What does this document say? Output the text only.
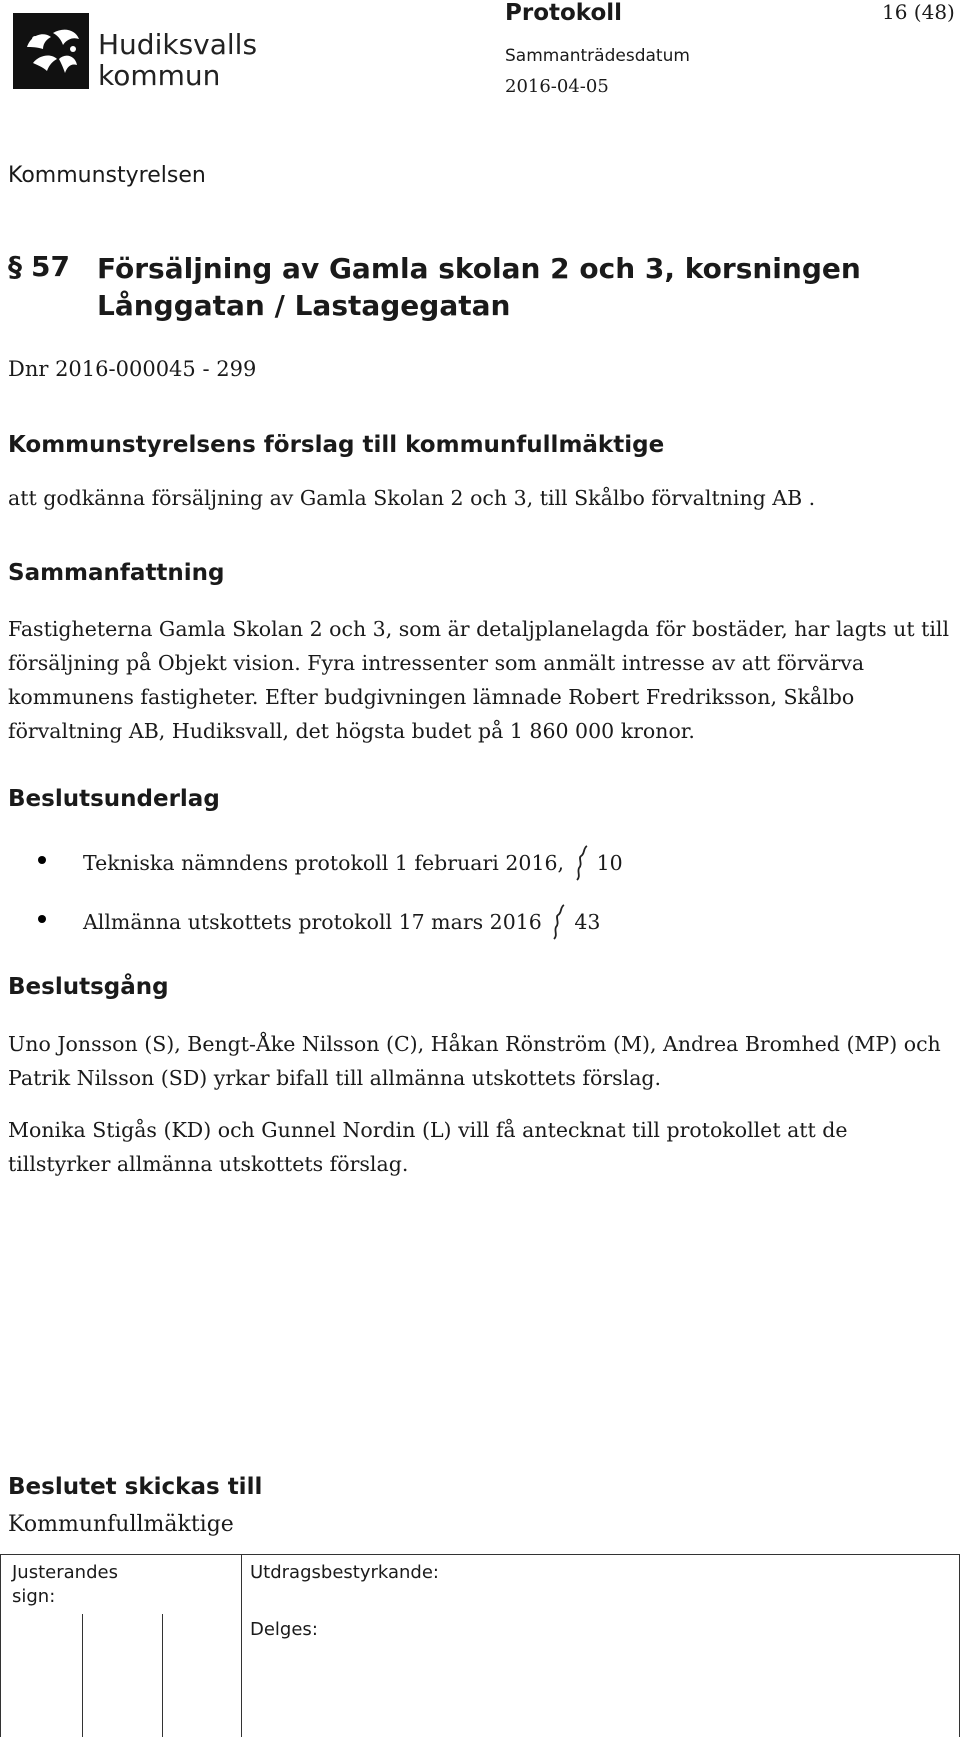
Hudiksvalls
kommun
Protokoll	16 (48)
Sammanträdesdatum
2016-04-05
Kommunstyrelsen
§ 57 Försäljning av Gamla skolan 2 och 3, korsningen Långgatan / Lastagegatan
Dnr 2016-000045 - 299
Kommunstyrelsens förslag till kommunfullmäktige
att godkänna försäljning av Gamla Skolan 2 och 3, till Skålbo förvaltning AB .
Sammanfattning
Fastigheterna Gamla Skolan 2 och 3, som är detaljplanelagda för bostäder, har lagts ut till försäljning på Objekt vision. Fyra intressenter som anmält intresse av att förvärva kommunens fastigheter. Efter budgivningen lämnade Robert Fredriksson, Skålbo förvaltning AB, Hudiksvall, det högsta budet på 1 860 000 kronor.
Beslutsunderlag
Tekniska nämndens protokoll 1 februari 2016, 10
Allmänna utskottets protokoll 17 mars 2016 43
Beslutsgång
Uno Jonsson (S), Bengt-Åke Nilsson (C), Håkan Rönström (M), Andrea Bromhed (MP) och Patrik Nilsson (SD) yrkar bifall till allmänna utskottets förslag.
Monika Stigås (KD) och Gunnel Nordin (L) vill få antecknat till protokollet att de tillstyrker allmänna utskottets förslag.
Beslutet skickas till
Kommunfullmäktige
Justerandes sign:
Utdragsbestyrkande:
Delges:
